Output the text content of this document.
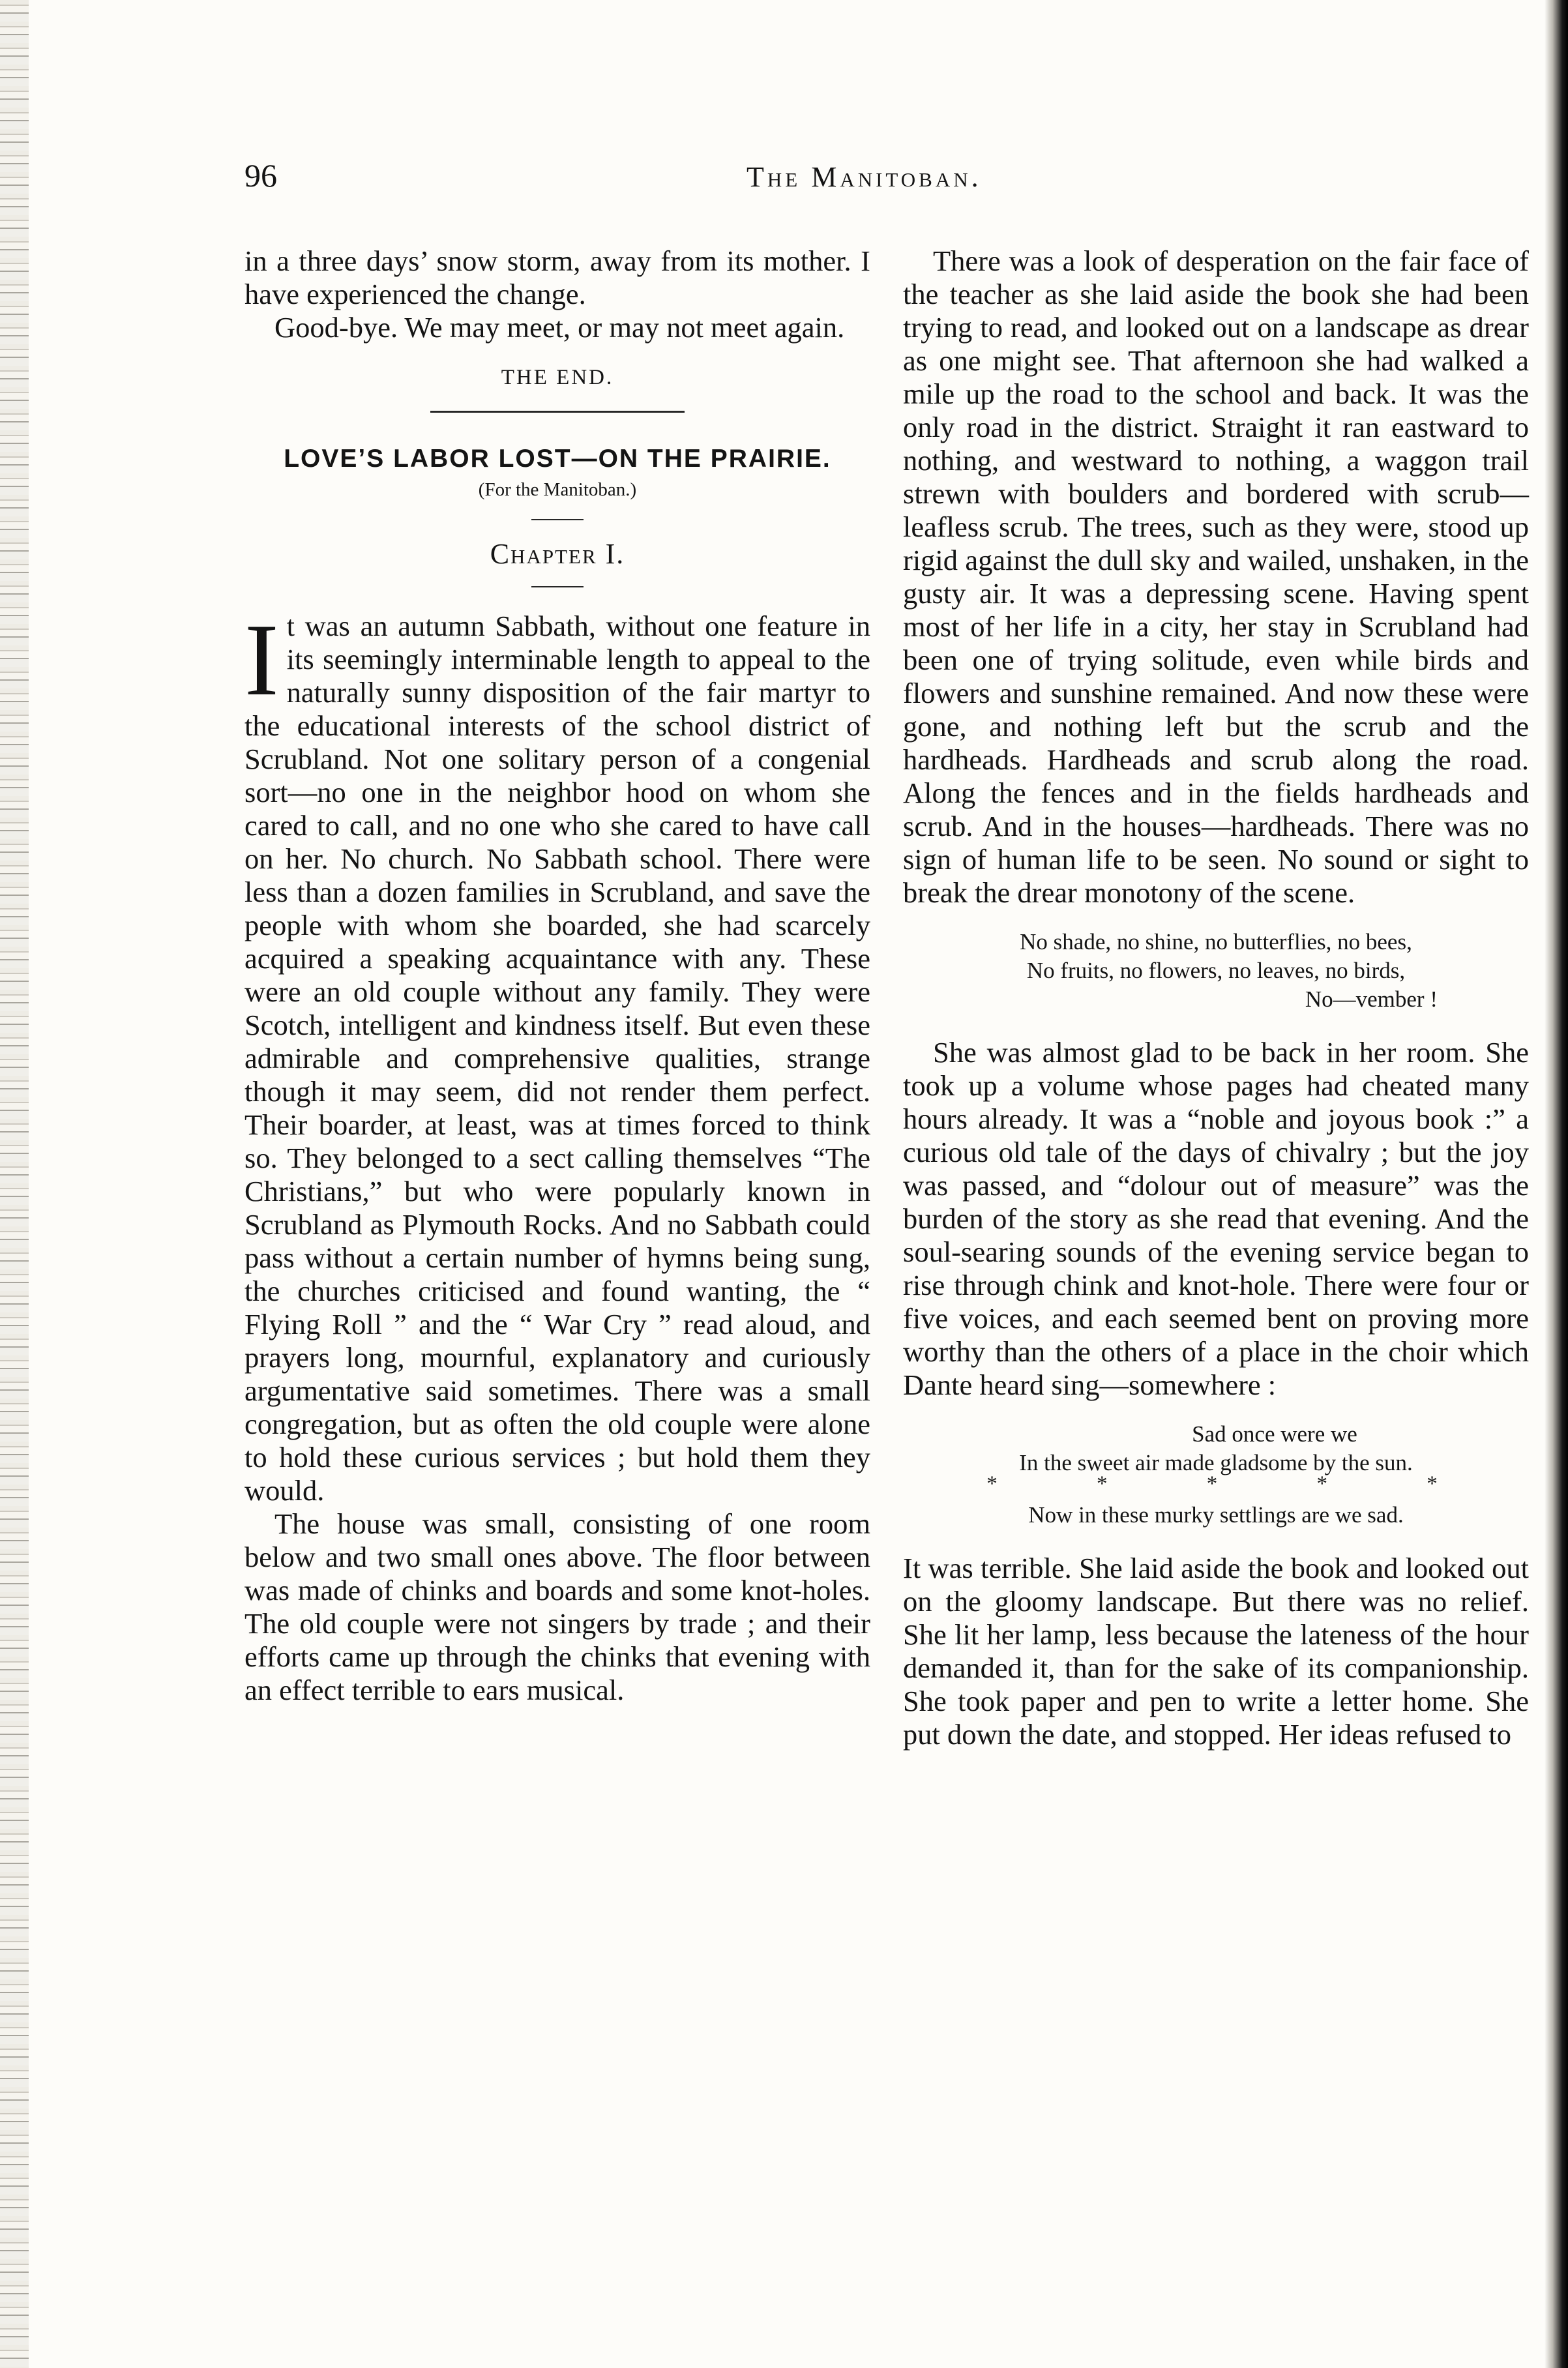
96	The Manitoban.

in a three days’ snow storm, away from its mother. I have experienced the change.

Good-bye. We may meet, or may not meet again.

THE END.
LOVE’S LABOR LOST—ON THE PRAIRIE.
(For the Manitoban.)
Chapter I.

It was an autumn Sabbath, without one feature in its seemingly interminable length to appeal to the naturally sunny disposition of the fair martyr to the educational interests of the school district of Scrubland. Not one solitary person of a congenial sort—no one in the neighbor hood on whom she cared to call, and no one who she cared to have call on her. No church. No Sabbath school. There were less than a dozen families in Scrubland, and save the people with whom she boarded, she had scarcely acquired a speaking acquaintance with any. These were an old couple without any family. They were Scotch, intelligent and kindness itself. But even these admirable and comprehensive qualities, strange though it may seem, did not render them perfect. Their boarder, at least, was at times forced to think so. They belonged to a sect calling themselves “The Christians,” but who were popularly known in Scrubland as Plymouth Rocks. And no Sabbath could pass without a certain number of hymns being sung, the churches criticised and found wanting, the “ Flying Roll ” and the “ War Cry ” read aloud, and prayers long, mournful, explanatory and curiously argumentative said sometimes. There was a small congregation, but as often the old couple were alone to hold these curious services ; but hold them they would.

The house was small, consisting of one room below and two small ones above. The floor between was made of chinks and boards and some knot-holes. The old couple were not singers by trade ; and their efforts came up through the chinks that evening with an effect terrible to ears musical.

There was a look of desperation on the fair face of the teacher as she laid aside the book she had been trying to read, and looked out on a landscape as drear as one might see. That afternoon she had walked a mile up the road to the school and back. It was the only road in the district. Straight it ran eastward to nothing, and westward to nothing, a waggon trail strewn with boulders and bordered with scrub—leafless scrub. The trees, such as they were, stood up rigid against the dull sky and wailed, unshaken, in the gusty air. It was a depressing scene. Having spent most of her life in a city, her stay in Scrubland had been one of trying solitude, even while birds and flowers and sunshine remained. And now these were gone, and nothing left but the scrub and the hardheads. Hardheads and scrub along the road. Along the fences and in the fields hardheads and scrub. And in the houses—hardheads. There was no sign of human life to be seen. No sound or sight to break the drear monotony of the scene.

No shade, no shine, no butterflies, no bees,
No fruits, no flowers, no leaves, no birds,
No—vember !

She was almost glad to be back in her room. She took up a volume whose pages had cheated many hours already. It was a “noble and joyous book :” a curious old tale of the days of chivalry ; but the joy was passed, and “dolour out of measure” was the burden of the story as she read that evening. And the soul-searing sounds of the evening service began to rise through chink and knot-hole. There were four or five voices, and each seemed bent on proving more worthy than the others of a place in the choir which Dante heard sing—somewhere :

Sad once were we
In the sweet air made gladsome by the sun.
* * * * *
Now in these murky settlings are we sad.

It was terrible. She laid aside the book and looked out on the gloomy landscape. But there was no relief. She lit her lamp, less because the lateness of the hour demanded it, than for the sake of its companionship. She took paper and pen to write a letter home. She put down the date, and stopped. Her ideas refused to
